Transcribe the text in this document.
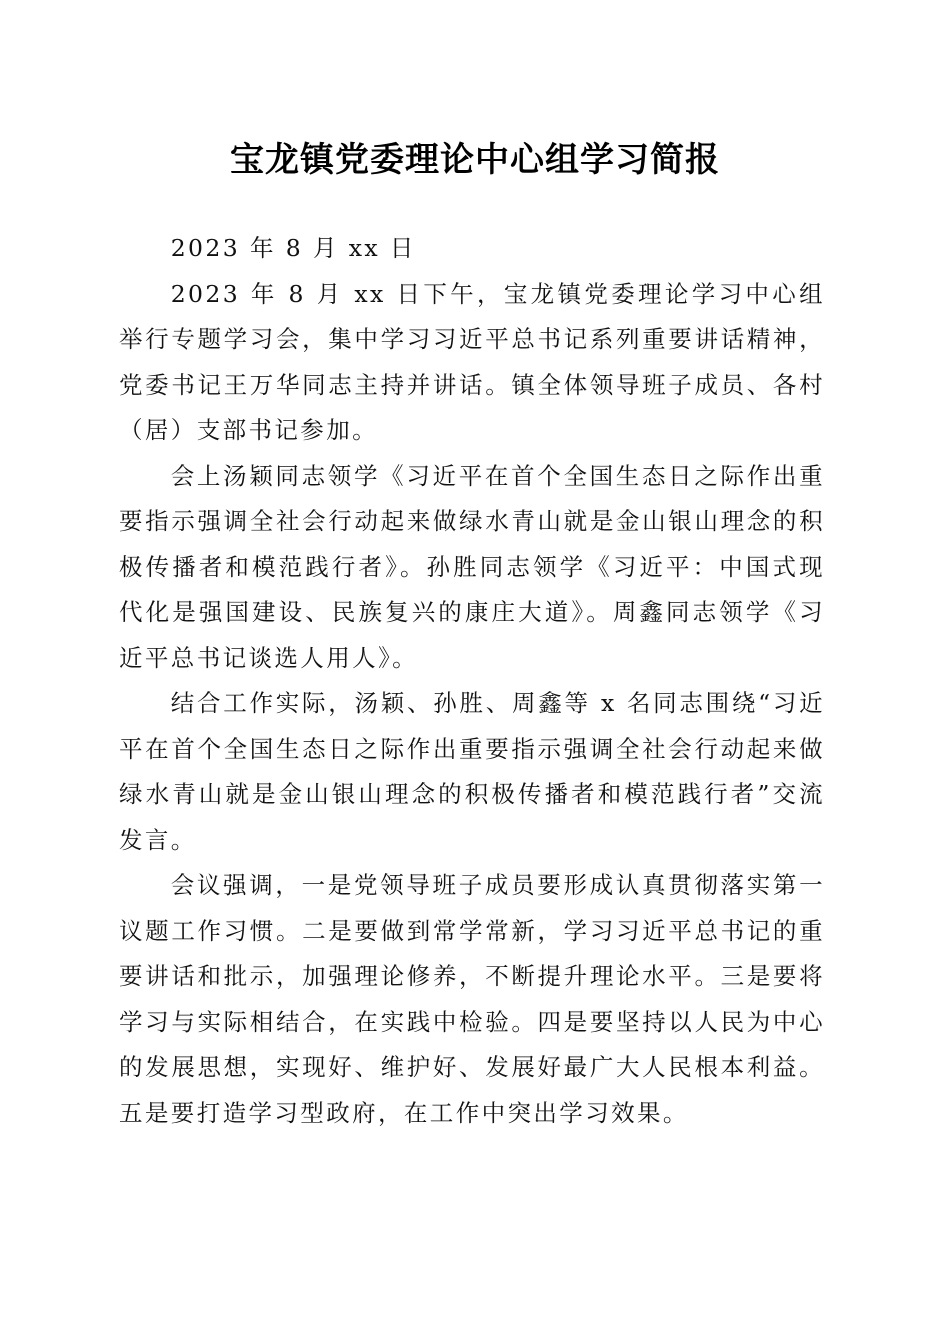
宝龙镇党委理论中心组学习简报

2023 年 8 月 xx 日

2023 年 8 月 xx 日下午，宝龙镇党委理论学习中心组举行专题学习会，集中学习习近平总书记系列重要讲话精神，党委书记王万华同志主持并讲话。镇全体领导班子成员、各村（居）支部书记参加。

会上汤颖同志领学《习近平在首个全国生态日之际作出重要指示强调全社会行动起来做绿水青山就是金山银山理念的积极传播者和模范践行者》。孙胜同志领学《习近平：中国式现代化是强国建设、民族复兴的康庄大道》。周鑫同志领学《习近平总书记谈选人用人》。

结合工作实际，汤颖、孙胜、周鑫等 x 名同志围绕“习近平在首个全国生态日之际作出重要指示强调全社会行动起来做绿水青山就是金山银山理念的积极传播者和模范践行者”交流发言。

会议强调，一是党领导班子成员要形成认真贯彻落实第一议题工作习惯。二是要做到常学常新，学习习近平总书记的重要讲话和批示，加强理论修养，不断提升理论水平。三是要将学习与实际相结合，在实践中检验。四是要坚持以人民为中心的发展思想，实现好、维护好、发展好最广大人民根本利益。五是要打造学习型政府，在工作中突出学习效果。
